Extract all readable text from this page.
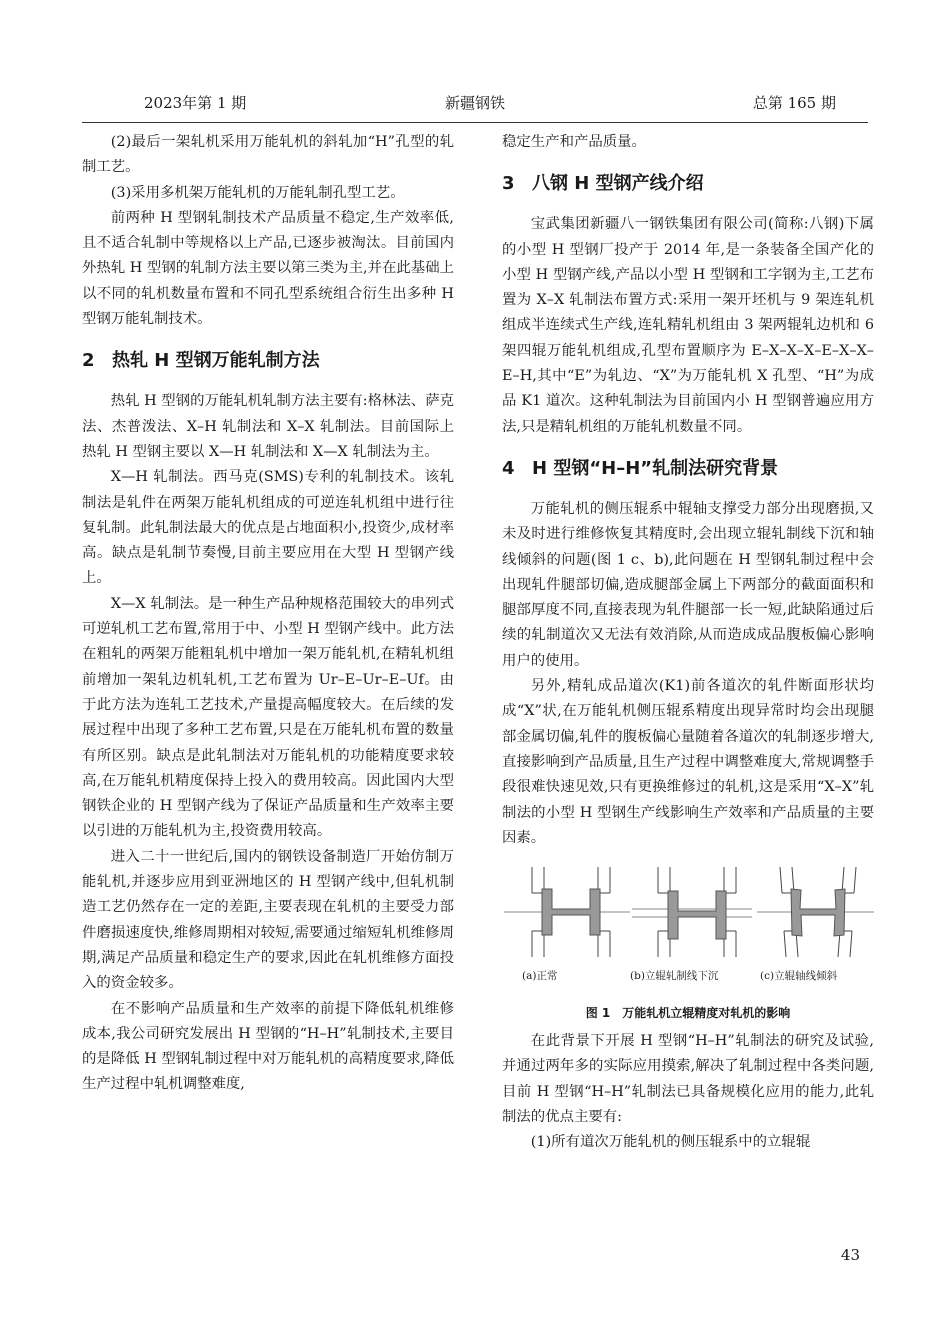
2023年第 1 期	新疆钢铁	总第 165 期

(2)最后一架轧机采用万能轧机的斜轧加“H”孔型的轧制工艺。

(3)采用多机架万能轧机的万能轧制孔型工艺。

前两种 H 型钢轧制技术产品质量不稳定,生产效率低,且不适合轧制中等规格以上产品,已逐步被淘汰。目前国内外热轧 H 型钢的轧制方法主要以第三类为主,并在此基础上以不同的轧机数量布置和不同孔型系统组合衍生出多种 H 型钢万能轧制技术。

2 热轧 H 型钢万能轧制方法

热轧 H 型钢的万能轧机轧制方法主要有:格林法、萨克法、杰普泼法、X–H 轧制法和 X–X 轧制法。目前国际上热轧 H 型钢主要以 X—H 轧制法和 X—X 轧制法为主。

X—H 轧制法。西马克(SMS)专利的轧制技术。该轧制法是轧件在两架万能轧机组成的可逆连轧机组中进行往复轧制。此轧制法最大的优点是占地面积小,投资少,成材率高。缺点是轧制节奏慢,目前主要应用在大型 H 型钢产线上。

X—X 轧制法。是一种生产品种规格范围较大的串列式可逆轧机工艺布置,常用于中、小型 H 型钢产线中。此方法在粗轧的两架万能粗轧机中增加一架万能轧机,在精轧机组前增加一架轧边机轧机,工艺布置为 Ur–E–Ur–E–Uf。由于此方法为连轧工艺技术,产量提高幅度较大。在后续的发展过程中出现了多种工艺布置,只是在万能轧机布置的数量有所区别。缺点是此轧制法对万能轧机的功能精度要求较高,在万能轧机精度保持上投入的费用较高。因此国内大型钢铁企业的 H 型钢产线为了保证产品质量和生产效率主要以引进的万能轧机为主,投资费用较高。

进入二十一世纪后,国内的钢铁设备制造厂开始仿制万能轧机,并逐步应用到亚洲地区的 H 型钢产线中,但轧机制造工艺仍然存在一定的差距,主要表现在轧机的主要受力部件磨损速度快,维修周期相对较短,需要通过缩短轧机维修周期,满足产品质量和稳定生产的要求,因此在轧机维修方面投入的资金较多。

在不影响产品质量和生产效率的前提下降低轧机维修成本,我公司研究发展出 H 型钢的“H–H”轧制技术,主要目的是降低 H 型钢轧制过程中对万能轧机的高精度要求,降低生产过程中轧机调整难度,

稳定生产和产品质量。

3 八钢 H 型钢产线介绍

宝武集团新疆八一钢铁集团有限公司(简称:八钢)下属的小型 H 型钢厂投产于 2014 年,是一条装备全国产化的小型 H 型钢产线,产品以小型 H 型钢和工字钢为主,工艺布置为 X–X 轧制法布置方式:采用一架开坯机与 9 架连轧机组成半连续式生产线,连轧精轧机组由 3 架两辊轧边机和 6 架四辊万能轧机组成,孔型布置顺序为 E–X–X–X–E–X–X–E–H,其中“E”为轧边、“X”为万能轧机 X 孔型、“H”为成品 K1 道次。这种轧制法为目前国内小 H 型钢普遍应用方法,只是精轧机组的万能轧机数量不同。

4 H 型钢“H–H”轧制法研究背景

万能轧机的侧压辊系中辊轴支撑受力部分出现磨损,又未及时进行维修恢复其精度时,会出现立辊轧制线下沉和轴线倾斜的问题(图 1 c、b),此问题在 H 型钢轧制过程中会出现轧件腿部切偏,造成腿部金属上下两部分的截面面积和腿部厚度不同,直接表现为轧件腿部一长一短,此缺陷通过后续的轧制道次又无法有效消除,从而造成成品腹板偏心影响用户的使用。

另外,精轧成品道次(K1)前各道次的轧件断面形状均成“X”状,在万能轧机侧压辊系精度出现异常时均会出现腿部金属切偏,轧件的腹板偏心量随着各道次的轧制逐步增大,直接影响到产品质量,且生产过程中调整难度大,常规调整手段很难快速见效,只有更换维修过的轧机,这是采用“X–X”轧制法的小型 H 型钢生产线影响生产效率和产品质量的主要因素。

(a)正常	(b)立辊轧制线下沉	(c)立辊轴线倾斜
图 1　万能轧机立辊精度对轧机的影响

在此背景下开展 H 型钢“H–H”轧制法的研究及试验,并通过两年多的实际应用摸索,解决了轧制过程中各类问题,目前 H 型钢“H–H”轧制法已具备规模化应用的能力,此轧制法的优点主要有:

(1)所有道次万能轧机的侧压辊系中的立辊辊

43
